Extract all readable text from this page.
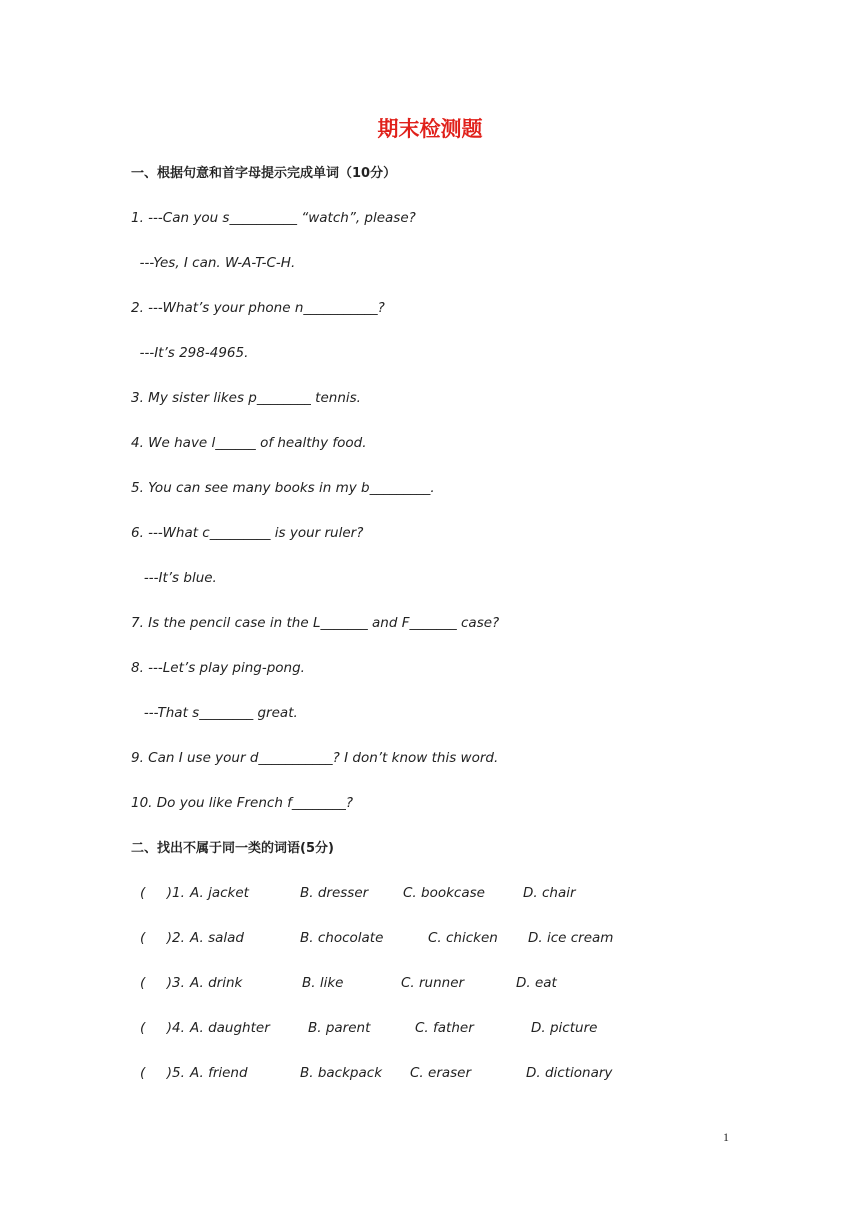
期末检测题
一、根据句意和首字母提示完成单词（10分）
1. ---Can you s__________ “watch”, please?
---Yes, I can. W-A-T-C-H.
2. ---What’s your phone n___________?
---It’s 298-4965.
3. My sister likes p________ tennis.
4. We have l______ of healthy food.
5. You can see many books in my b_________.
6. ---What c_________ is your ruler?
---It’s blue.
7. Is the pencil case in the L_______ and F_______ case?
8. ---Let’s play ping-pong.
---That s________ great.
9. Can I use your d___________? I don’t know this word.
10. Do you like French f________?
二、找出不属于同一类的词语(5分)
(     )1. A. jacket	B. dresser	C. bookcase	D. chair
(     )2. A. salad	B. chocolate	C. chicken D. ice cream
(     )3. A. drink	B. like	C. runner	D. eat
(     )4. A. daughter	B. parent	C. father	D. picture
(     )5. A. friend	B. backpack C. eraser	D. dictionary
1
